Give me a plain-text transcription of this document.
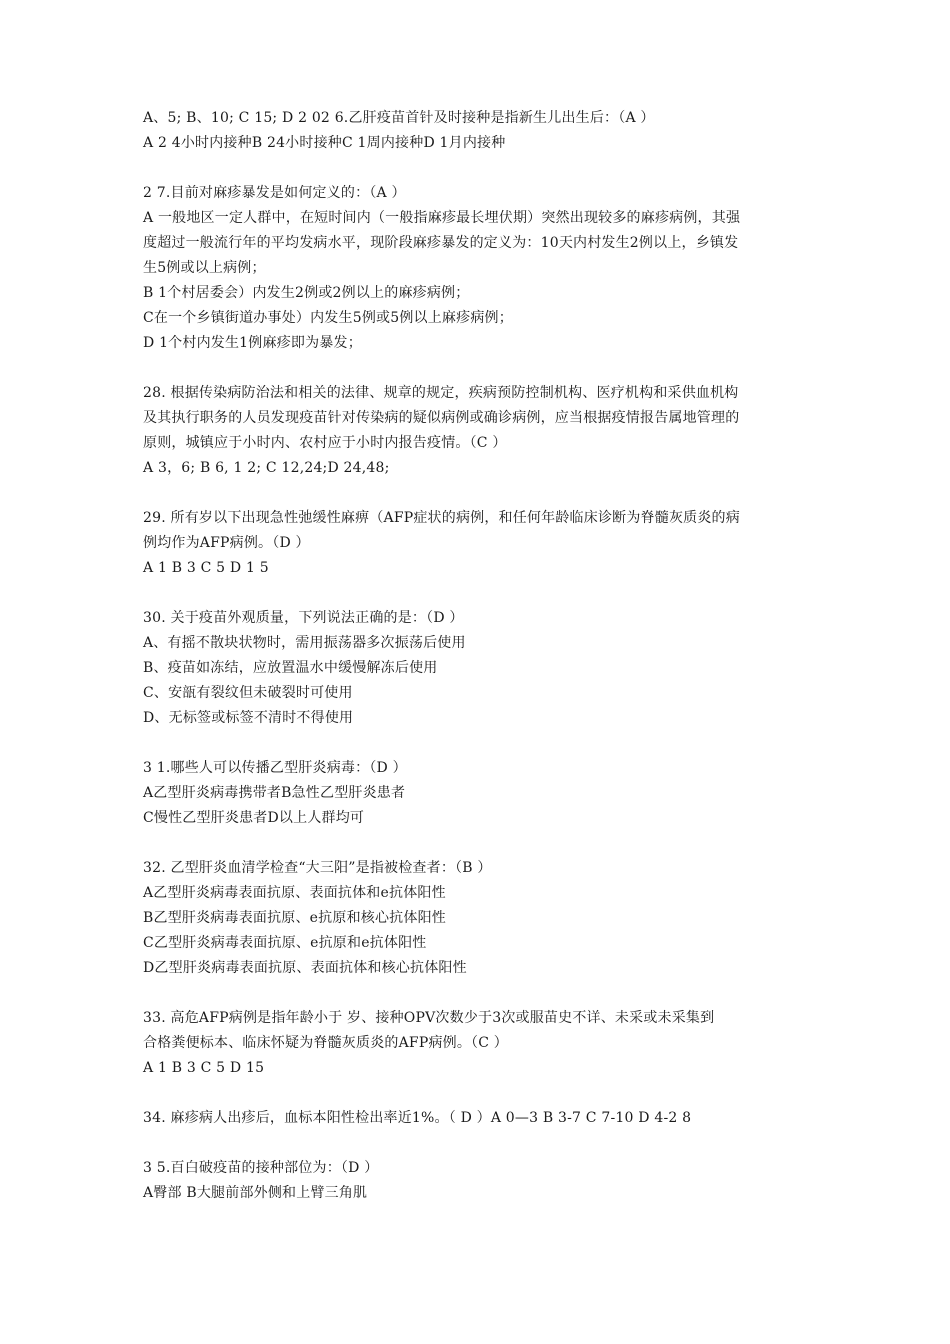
A、5; B、10; C 15; D 2 02 6.乙肝疫苗首针及时接种是指新生儿出生后：（A ）
A 2 4小时内接种B 24小时接种C 1周内接种D 1月内接种
2 7.目前对麻疹暴发是如何定义的：（A ）
A 一般地区一定人群中，在短时间内（一般指麻疹最长埋伏期）突然出现较多的麻疹病例，其强
度超过一般流行年的平均发病水平，现阶段麻疹暴发的定义为：10天内村发生2例以上，乡镇发
生5例或以上病例；
B 1个村居委会）内发生2例或2例以上的麻疹病例；
C在一个乡镇街道办事处）内发生5例或5例以上麻疹病例；
D 1个村内发生1例麻疹即为暴发；
28. 根据传染病防治法和相关的法律、规章的规定，疾病预防控制机构、医疗机构和采供血机构
及其执行职务的人员发现疫苗针对传染病的疑似病例或确诊病例，应当根据疫情报告属地管理的
原则，城镇应于小时内、农村应于小时内报告疫情。（C ）
A 3，6; B 6, 1 2; C 12,24;D 24,48;
29. 所有岁以下出现急性弛缓性麻痹（AFP症状的病例，和任何年龄临床诊断为脊髓灰质炎的病
例均作为AFP病例。（D ）
A 1 B 3 C 5 D 1 5
30. 关于疫苗外观质量，下列说法正确的是：（D ）
A、有摇不散块状物时，需用振荡器多次振荡后使用
B、疫苗如冻结，应放置温水中缓慢解冻后使用
C、安瓿有裂纹但未破裂时可使用
D、无标签或标签不清时不得使用
3 1.哪些人可以传播乙型肝炎病毒：（D ）
A乙型肝炎病毒携带者B急性乙型肝炎患者
C慢性乙型肝炎患者D以上人群均可
32. 乙型肝炎血清学检查“大三阳”是指被检查者：（B ）
A乙型肝炎病毒表面抗原、表面抗体和e抗体阳性
B乙型肝炎病毒表面抗原、e抗原和核心抗体阳性
C乙型肝炎病毒表面抗原、e抗原和e抗体阳性
D乙型肝炎病毒表面抗原、表面抗体和核心抗体阳性
33. 高危AFP病例是指年龄小于 岁、接种OPV次数少于3次或服苗史不详、未采或未采集到
合格粪便标本、临床怀疑为脊髓灰质炎的AFP病例。（C ）
A 1 B 3 C 5 D 15
34. 麻疹病人出疹后，血标本阳性检出率近1%。（ D ）A 0—3 B 3-7 C 7-10 D 4-2 8
3 5.百白破疫苗的接种部位为：（D ）
A臀部 B大腿前部外侧和上臂三角肌
